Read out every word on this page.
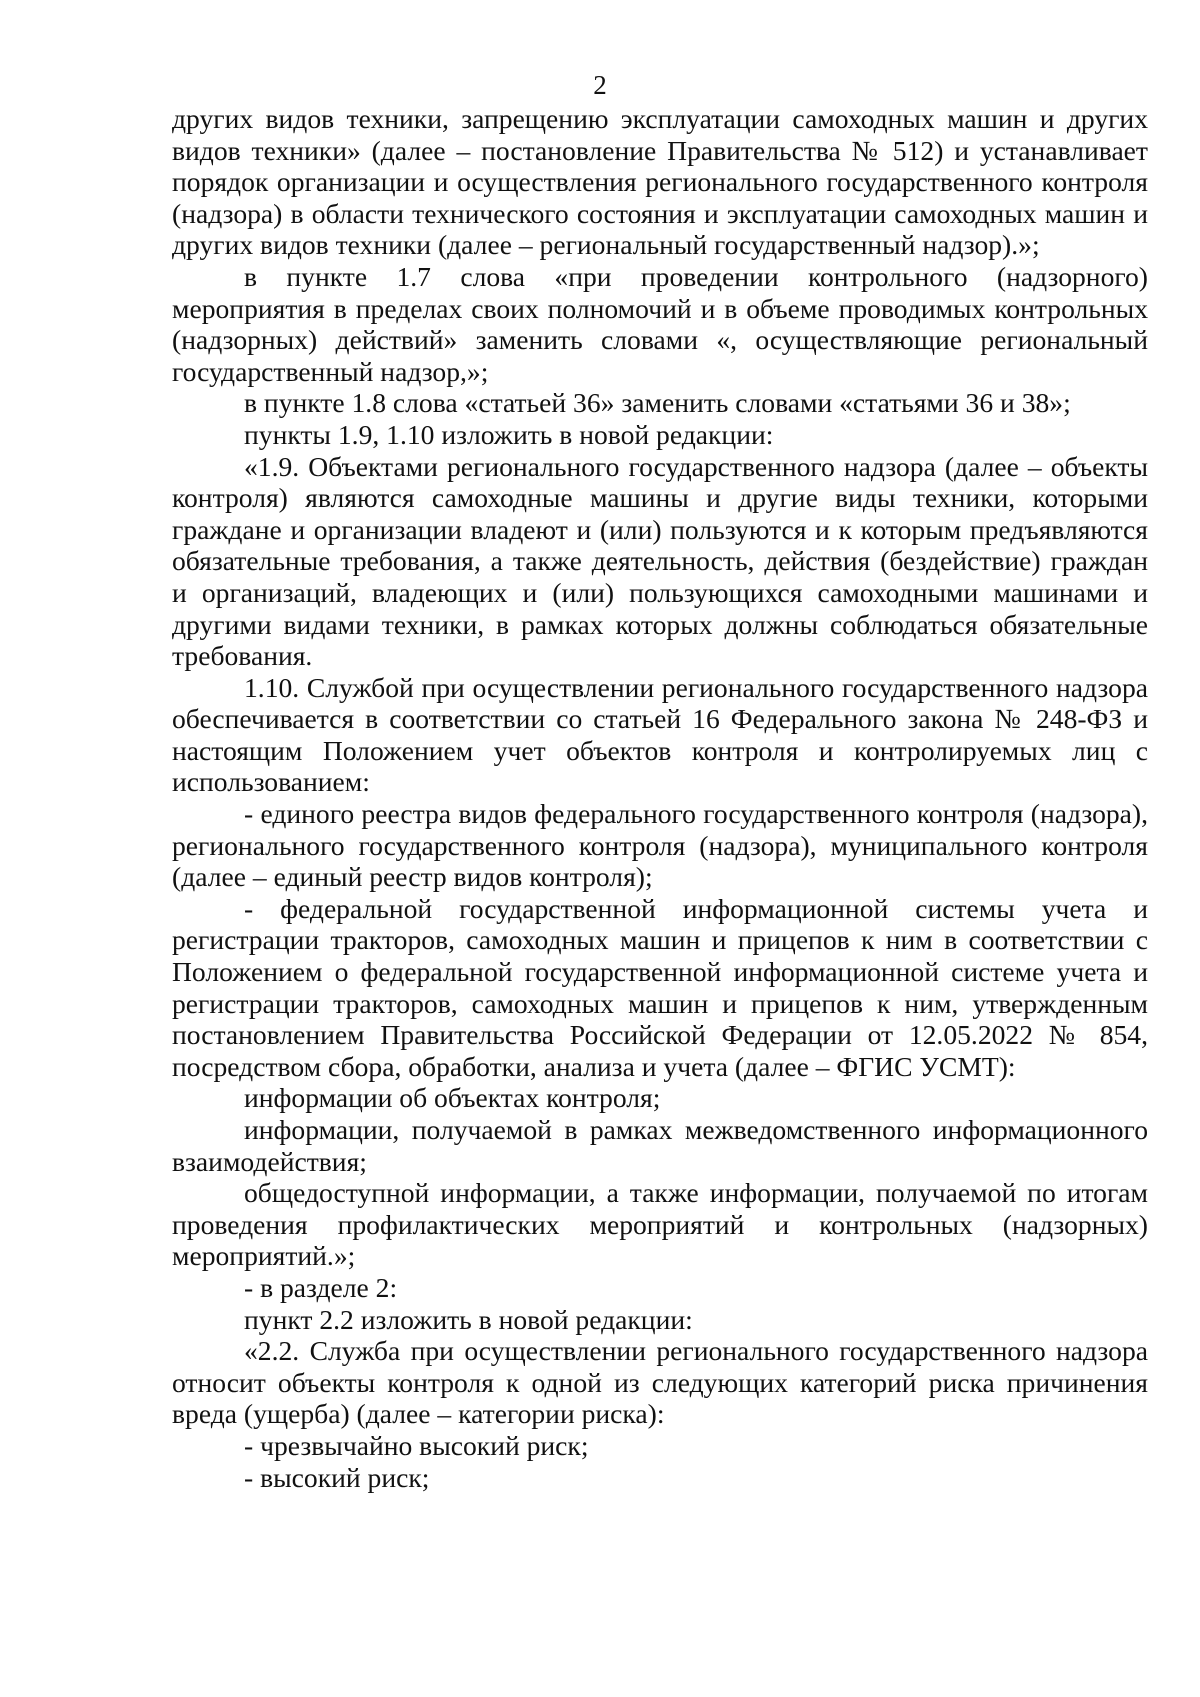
2

других видов техники, запрещению эксплуатации самоходных машин и других видов техники» (далее – постановление Правительства № 512) и устанавливает порядок организации и осуществления регионального государственного контроля (надзора) в области технического состояния и эксплуатации самоходных машин и других видов техники (далее – региональный государственный надзор).»;

в пункте 1.7 слова «при проведении контрольного (надзорного) мероприятия в пределах своих полномочий и в объеме проводимых контрольных (надзорных) действий» заменить словами «, осуществляющие региональный государственный надзор,»;

в пункте 1.8 слова «статьей 36» заменить словами «статьями 36 и 38»;

пункты 1.9, 1.10 изложить в новой редакции:

«1.9. Объектами регионального государственного надзора (далее – объекты контроля) являются самоходные машины и другие виды техники, которыми граждане и организации владеют и (или) пользуются и к которым предъявляются обязательные требования, а также деятельность, действия (бездействие) граждан и организаций, владеющих и (или) пользующихся самоходными машинами и другими видами техники, в рамках которых должны соблюдаться обязательные требования.

1.10. Службой при осуществлении регионального государственного надзора обеспечивается в соответствии со статьей 16 Федерального закона № 248-ФЗ и настоящим Положением учет объектов контроля и контролируемых лиц с использованием:

- единого реестра видов федерального государственного контроля (надзора), регионального государственного контроля (надзора), муниципального контроля (далее – единый реестр видов контроля);

- федеральной государственной информационной системы учета и регистрации тракторов, самоходных машин и прицепов к ним в соответствии с Положением о федеральной государственной информационной системе учета и регистрации тракторов, самоходных машин и прицепов к ним, утвержденным постановлением Правительства Российской Федерации от 12.05.2022 № 854, посредством сбора, обработки, анализа и учета (далее – ФГИС УСМТ):

информации об объектах контроля;

информации, получаемой в рамках межведомственного информационного взаимодействия;

общедоступной информации, а также информации, получаемой по итогам проведения профилактических мероприятий и контрольных (надзорных) мероприятий.»;

- в разделе 2:

пункт 2.2 изложить в новой редакции:

«2.2. Служба при осуществлении регионального государственного надзора относит объекты контроля к одной из следующих категорий риска причинения вреда (ущерба) (далее – категории риска):

- чрезвычайно высокий риск;

- высокий риск;
